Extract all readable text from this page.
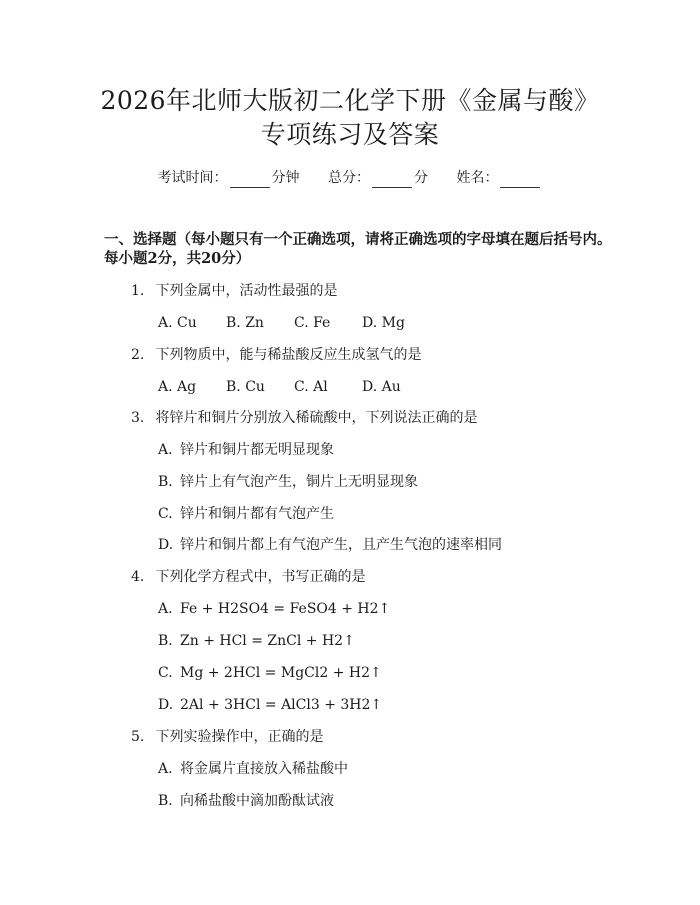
2026年北师大版初二化学下册《金属与酸》
专项练习及答案
考试时间：	分钟 总分：	分 姓名：
一、选择题（每小题只有一个正确选项，请将正确选项的字母填在题后括号内。
每小题2分，共20分）
1. 下列金属中，活动性最强的是
A. Cu B. Zn C. Fe D. Mg
2. 下列物质中，能与稀盐酸反应生成氢气的是
A. Ag B. Cu C. Al D. Au
3. 将锌片和铜片分别放入稀硫酸中，下列说法正确的是
A. 锌片和铜片都无明显现象
B. 锌片上有气泡产生，铜片上无明显现象
C. 锌片和铜片都有气泡产生
D. 锌片和铜片都上有气泡产生，且产生气泡的速率相同
4. 下列化学方程式中，书写正确的是
A. Fe + H2SO4 = FeSO4 + H2↑
B. Zn + HCl = ZnCl + H2↑
C. Mg + 2HCl = MgCl2 + H2↑
D. 2Al + 3HCl = AlCl3 + 3H2↑
5. 下列实验操作中，正确的是
A. 将金属片直接放入稀盐酸中
B. 向稀盐酸中滴加酚酞试液
